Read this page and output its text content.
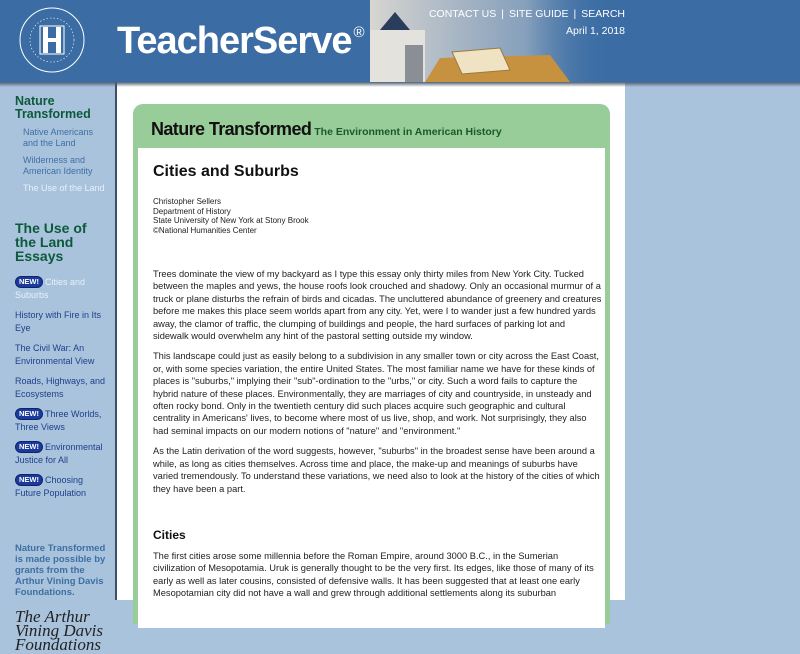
TeacherServe ®
CONTACT US | SITE GUIDE | SEARCH
April 1, 2018
Nature Transformed
Native Americans and the Land
Wilderness and American Identity
The Use of the Land
The Use of the Land Essays
NEW! Cities and Suburbs
History with Fire in Its Eye
The Civil War: An Environmental View
Roads, Highways, and Ecosystems
NEW! Three Worlds, Three Views
NEW! Environmental Justice for All
NEW! Choosing Future Population
Nature Transformed is made possible by grants from the Arthur Vining Davis Foundations.
The Arthur Vining Davis Foundations
Nature Transformed The Environment in American History
Cities and Suburbs
Christopher Sellers
Department of History
State University of New York at Stony Brook
©National Humanities Center

Trees dominate the view of my backyard as I type this essay only thirty miles from New York City. Tucked between the maples and yews, the house roofs look crouched and shadowy. Only an occasional murmur of a truck or plane disturbs the refrain of birds and cicadas. The uncluttered abundance of greenery and creatures before me makes this place seem worlds apart from any city. Yet, were I to wander just a few hundred yards away, the clamor of traffic, the clumping of buildings and people, the hard surfaces of parking lot and sidewalk would overwhelm any hint of the pastoral setting outside my window.

This landscape could just as easily belong to a subdivision in any smaller town or city across the East Coast, or, with some species variation, the entire United States. The most familiar name we have for these kinds of places is "suburbs," implying their "sub"-ordination to the "urbs," or city. Such a word fails to capture the hybrid nature of these places. Environmentally, they are marriages of city and countryside, in unsteady and often rocky bond. Only in the twentieth century did such places acquire such geographic and cultural centrality in Americans' lives, to become where most of us live, shop, and work. Not surprisingly, they also had seminal impacts on our modern notions of "nature" and "environment."

As the Latin derivation of the word suggests, however, "suburbs" in the broadest sense have been around a while, as long as cities themselves. Across time and place, the make-up and meanings of suburbs have varied tremendously. To understand these variations, we need also to look at the history of the cities of which they have been a part.

Cities

The first cities arose some millennia before the Roman Empire, around 3000 B.C., in the Sumerian civilization of Mesopotamia. Uruk is generally thought to be the very first. Its edges, like those of many of its early as well as later cousins, consisted of defensive walls. It has been suggested that at least one early Mesopotamian city did not have a wall and grew through additional settlements along its suburban
